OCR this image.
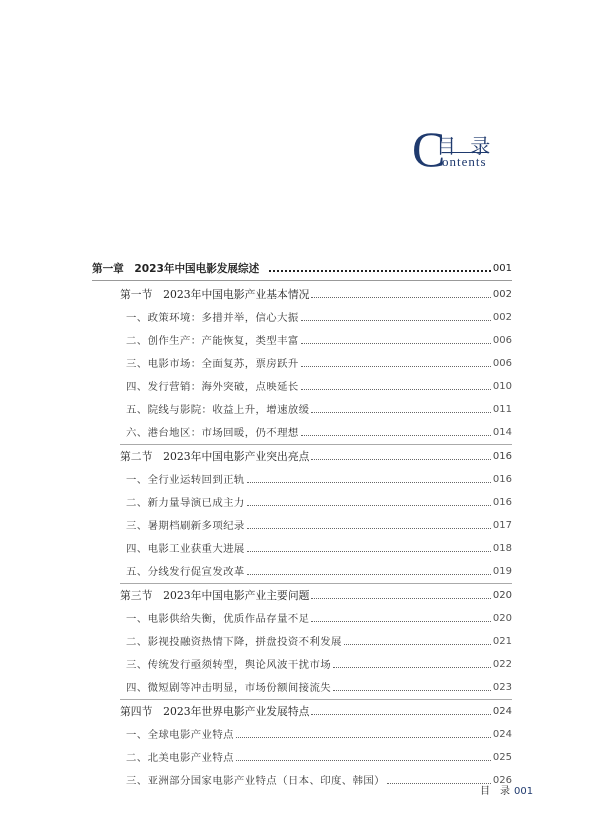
C
目 录
ontents
第一章　2023年中国电影发展综述	001
第一节　2023年中国电影产业基本情况	002
一、政策环境：多措并举，信心大振	002
二、创作生产：产能恢复，类型丰富	006
三、电影市场：全面复苏，票房跃升	006
四、发行营销：海外突破，点映延长	010
五、院线与影院：收益上升，增速放缓	011
六、港台地区：市场回暖，仍不理想	014
第二节　2023年中国电影产业突出亮点	016
一、全行业运转回到正轨	016
二、新力量导演已成主力	016
三、暑期档刷新多项纪录	017
四、电影工业获重大进展	018
五、分线发行促宣发改革	019
第三节　2023年中国电影产业主要问题	020
一、电影供给失衡，优质作品存量不足	020
二、影视投融资热情下降，拼盘投资不利发展	021
三、传统发行亟须转型，舆论风波干扰市场	022
四、微短剧等冲击明显，市场份额间接流失	023
第四节　2023年世界电影产业发展特点	024
一、全球电影产业特点	024
二、北美电影产业特点	025
三、亚洲部分国家电影产业特点（日本、印度、韩国）	026
目　录 001
